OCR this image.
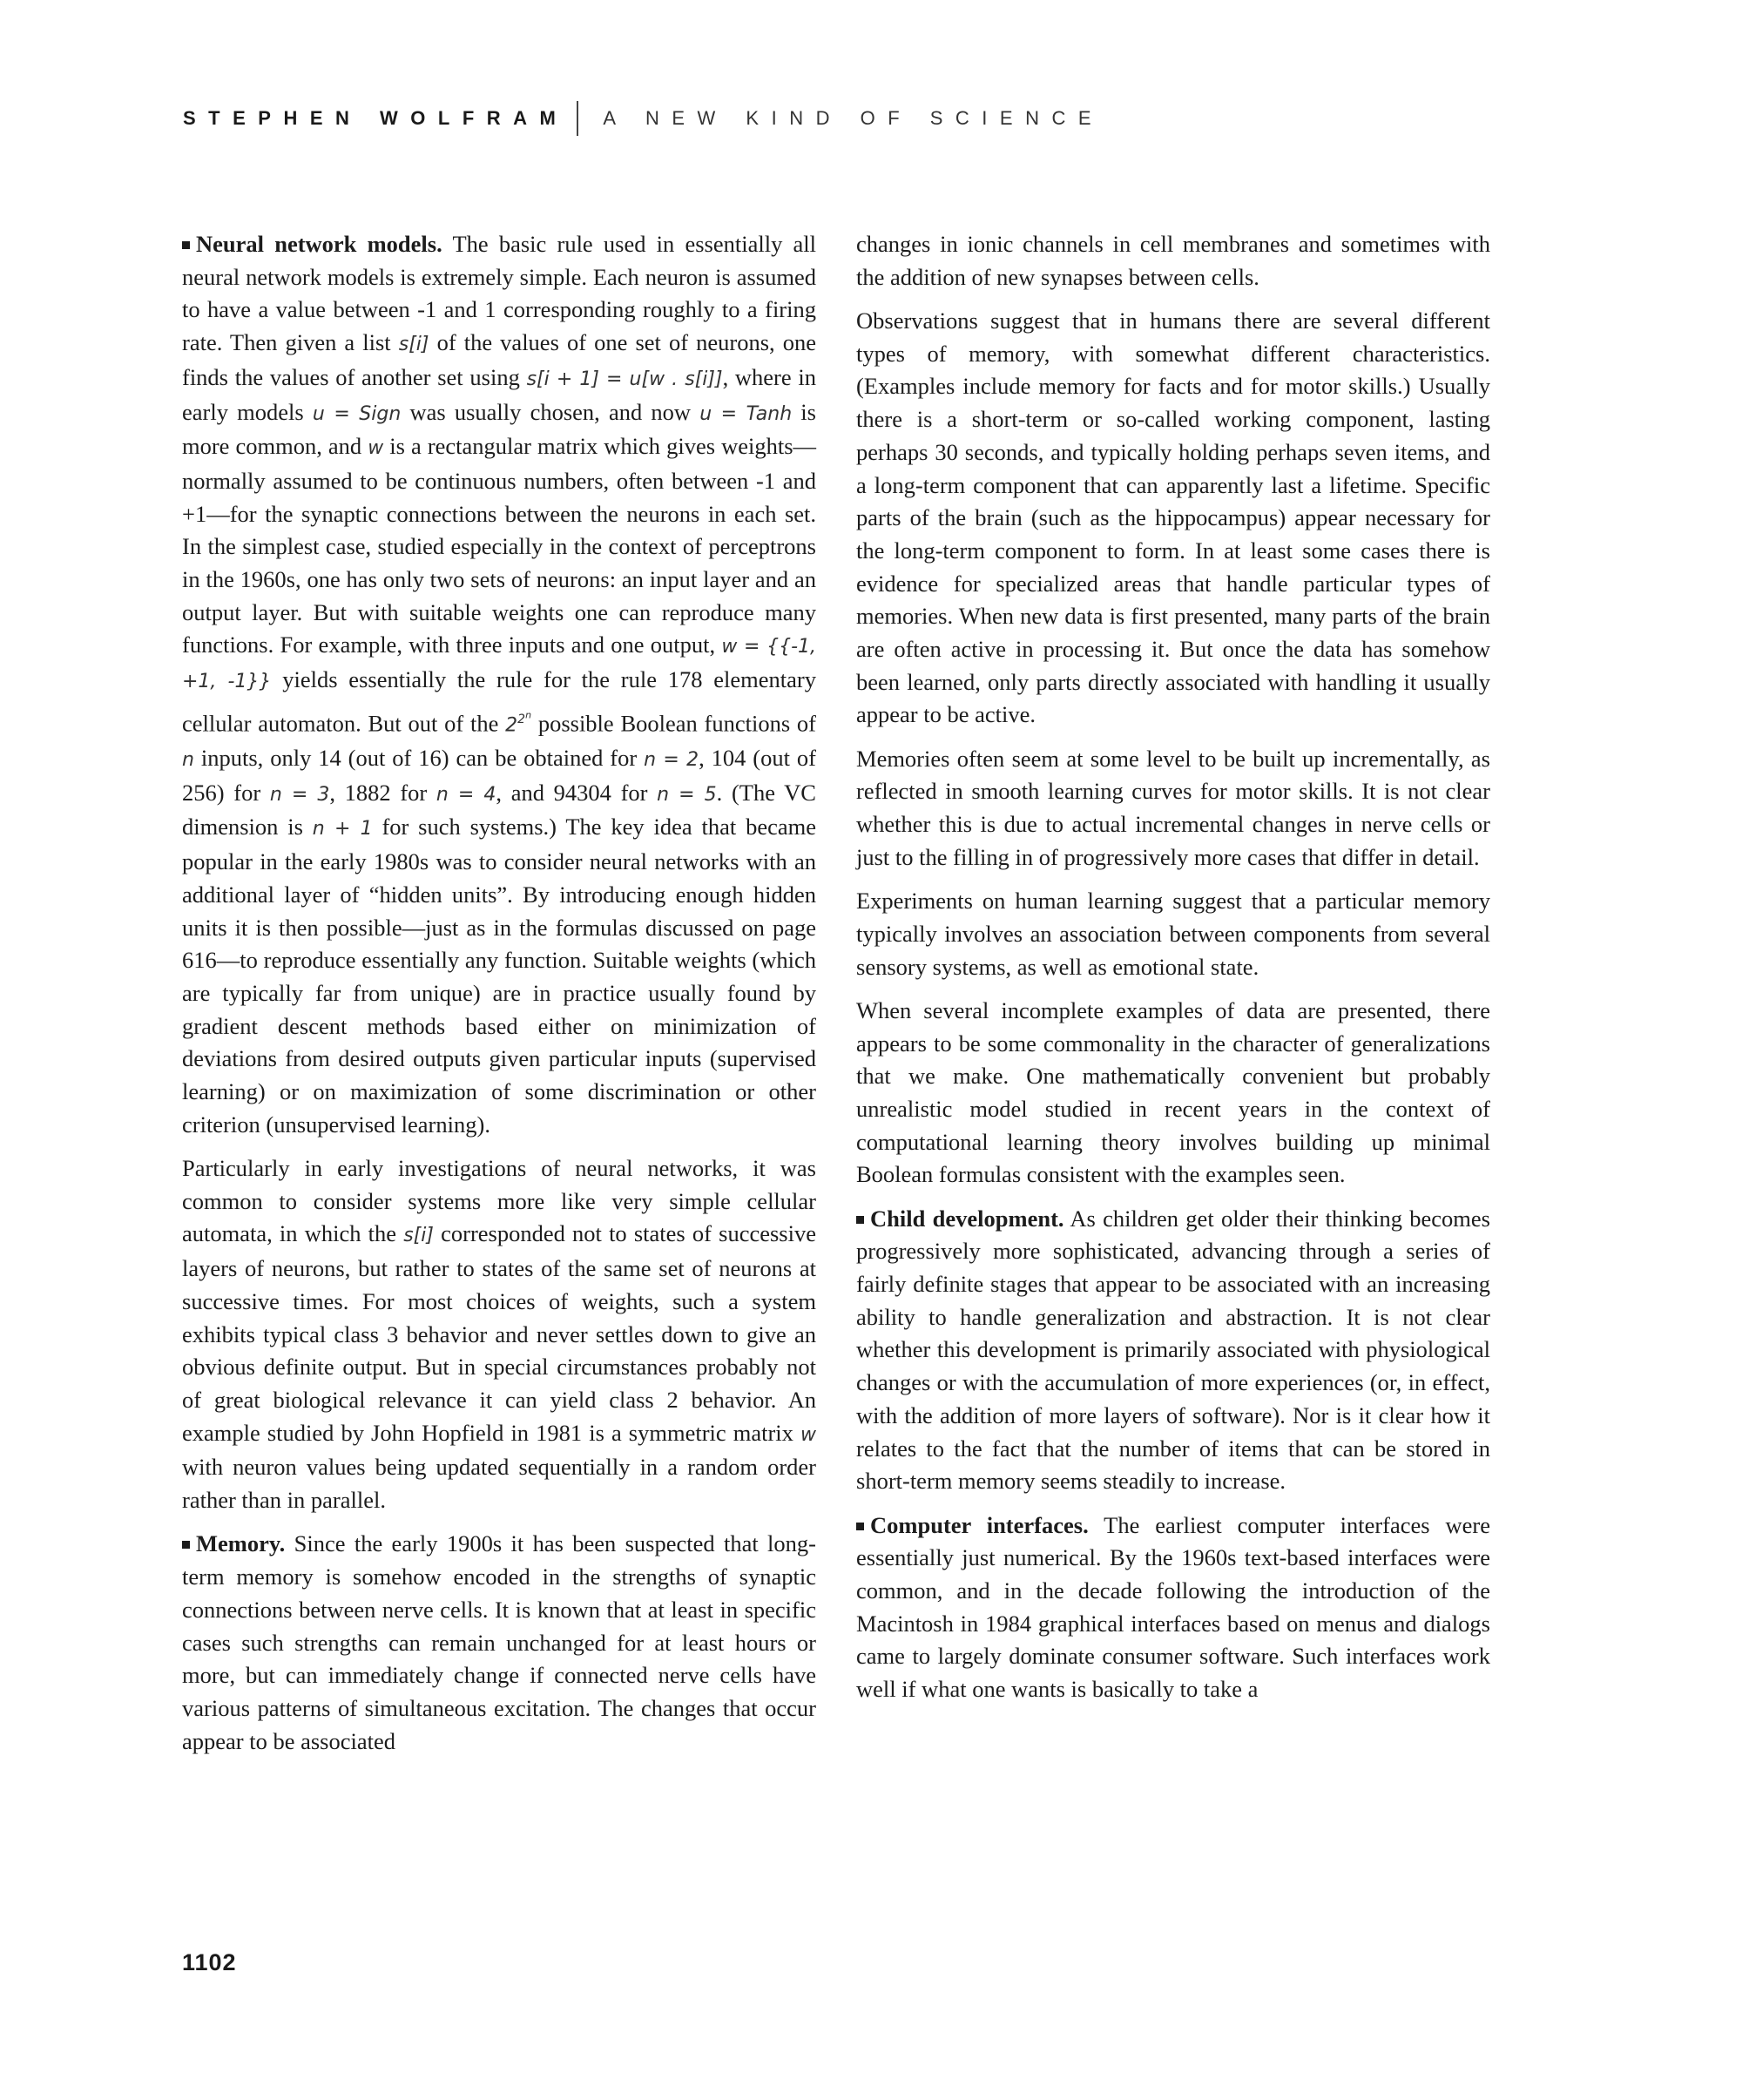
STEPHEN WOLFRAM A NEW KIND OF SCIENCE

Neural network models. The basic rule used in essentially all neural network models is extremely simple. Each neuron is assumed to have a value between -1 and 1 corresponding roughly to a firing rate. Then given a list s[i] of the values of one set of neurons, one finds the values of another set using s[i + 1] = u[w . s[i]], where in early models u = Sign was usually chosen, and now u = Tanh is more common, and w is a rectangular matrix which gives weights—normally assumed to be continuous numbers, often between -1 and +1—for the synaptic connections between the neurons in each set. In the simplest case, studied especially in the context of perceptrons in the 1960s, one has only two sets of neurons: an input layer and an output layer. But with suitable weights one can reproduce many functions. For example, with three inputs and one output, w = {{-1, +1, -1}} yields essentially the rule for the rule 178 elementary cellular automaton. But out of the $2^{2^n}$ possible Boolean functions of n inputs, only 14 (out of 16) can be obtained for n = 2, 104 (out of 256) for n = 3, 1882 for n = 4, and 94304 for n = 5. (The VC dimension is n + 1 for such systems.) The key idea that became popular in the early 1980s was to consider neural networks with an additional layer of “hidden units”. By introducing enough hidden units it is then possible—just as in the formulas discussed on page 616—to reproduce essentially any function. Suitable weights (which are typically far from unique) are in practice usually found by gradient descent methods based either on minimization of deviations from desired outputs given particular inputs (supervised learning) or on maximization of some discrimination or other criterion (unsupervised learning).

Particularly in early investigations of neural networks, it was common to consider systems more like very simple cellular automata, in which the s[i] corresponded not to states of successive layers of neurons, but rather to states of the same set of neurons at successive times. For most choices of weights, such a system exhibits typical class 3 behavior and never settles down to give an obvious definite output. But in special circumstances probably not of great biological relevance it can yield class 2 behavior. An example studied by John Hopfield in 1981 is a symmetric matrix w with neuron values being updated sequentially in a random order rather than in parallel.

Memory. Since the early 1900s it has been suspected that long-term memory is somehow encoded in the strengths of synaptic connections between nerve cells. It is known that at least in specific cases such strengths can remain unchanged for at least hours or more, but can immediately change if connected nerve cells have various patterns of simultaneous excitation. The changes that occur appear to be associated

changes in ionic channels in cell membranes and sometimes with the addition of new synapses between cells.

Observations suggest that in humans there are several different types of memory, with somewhat different characteristics. (Examples include memory for facts and for motor skills.) Usually there is a short-term or so-called working component, lasting perhaps 30 seconds, and typically holding perhaps seven items, and a long-term component that can apparently last a lifetime. Specific parts of the brain (such as the hippocampus) appear necessary for the long-term component to form. In at least some cases there is evidence for specialized areas that handle particular types of memories. When new data is first presented, many parts of the brain are often active in processing it. But once the data has somehow been learned, only parts directly associated with handling it usually appear to be active.

Memories often seem at some level to be built up incrementally, as reflected in smooth learning curves for motor skills. It is not clear whether this is due to actual incremental changes in nerve cells or just to the filling in of progressively more cases that differ in detail.

Experiments on human learning suggest that a particular memory typically involves an association between components from several sensory systems, as well as emotional state.

When several incomplete examples of data are presented, there appears to be some commonality in the character of generalizations that we make. One mathematically convenient but probably unrealistic model studied in recent years in the context of computational learning theory involves building up minimal Boolean formulas consistent with the examples seen.

Child development. As children get older their thinking becomes progressively more sophisticated, advancing through a series of fairly definite stages that appear to be associated with an increasing ability to handle generalization and abstraction. It is not clear whether this development is primarily associated with physiological changes or with the accumulation of more experiences (or, in effect, with the addition of more layers of software). Nor is it clear how it relates to the fact that the number of items that can be stored in short-term memory seems steadily to increase.

Computer interfaces. The earliest computer interfaces were essentially just numerical. By the 1960s text-based interfaces were common, and in the decade following the introduction of the Macintosh in 1984 graphical interfaces based on menus and dialogs came to largely dominate consumer software. Such interfaces work well if what one wants is basically to take a

1102
